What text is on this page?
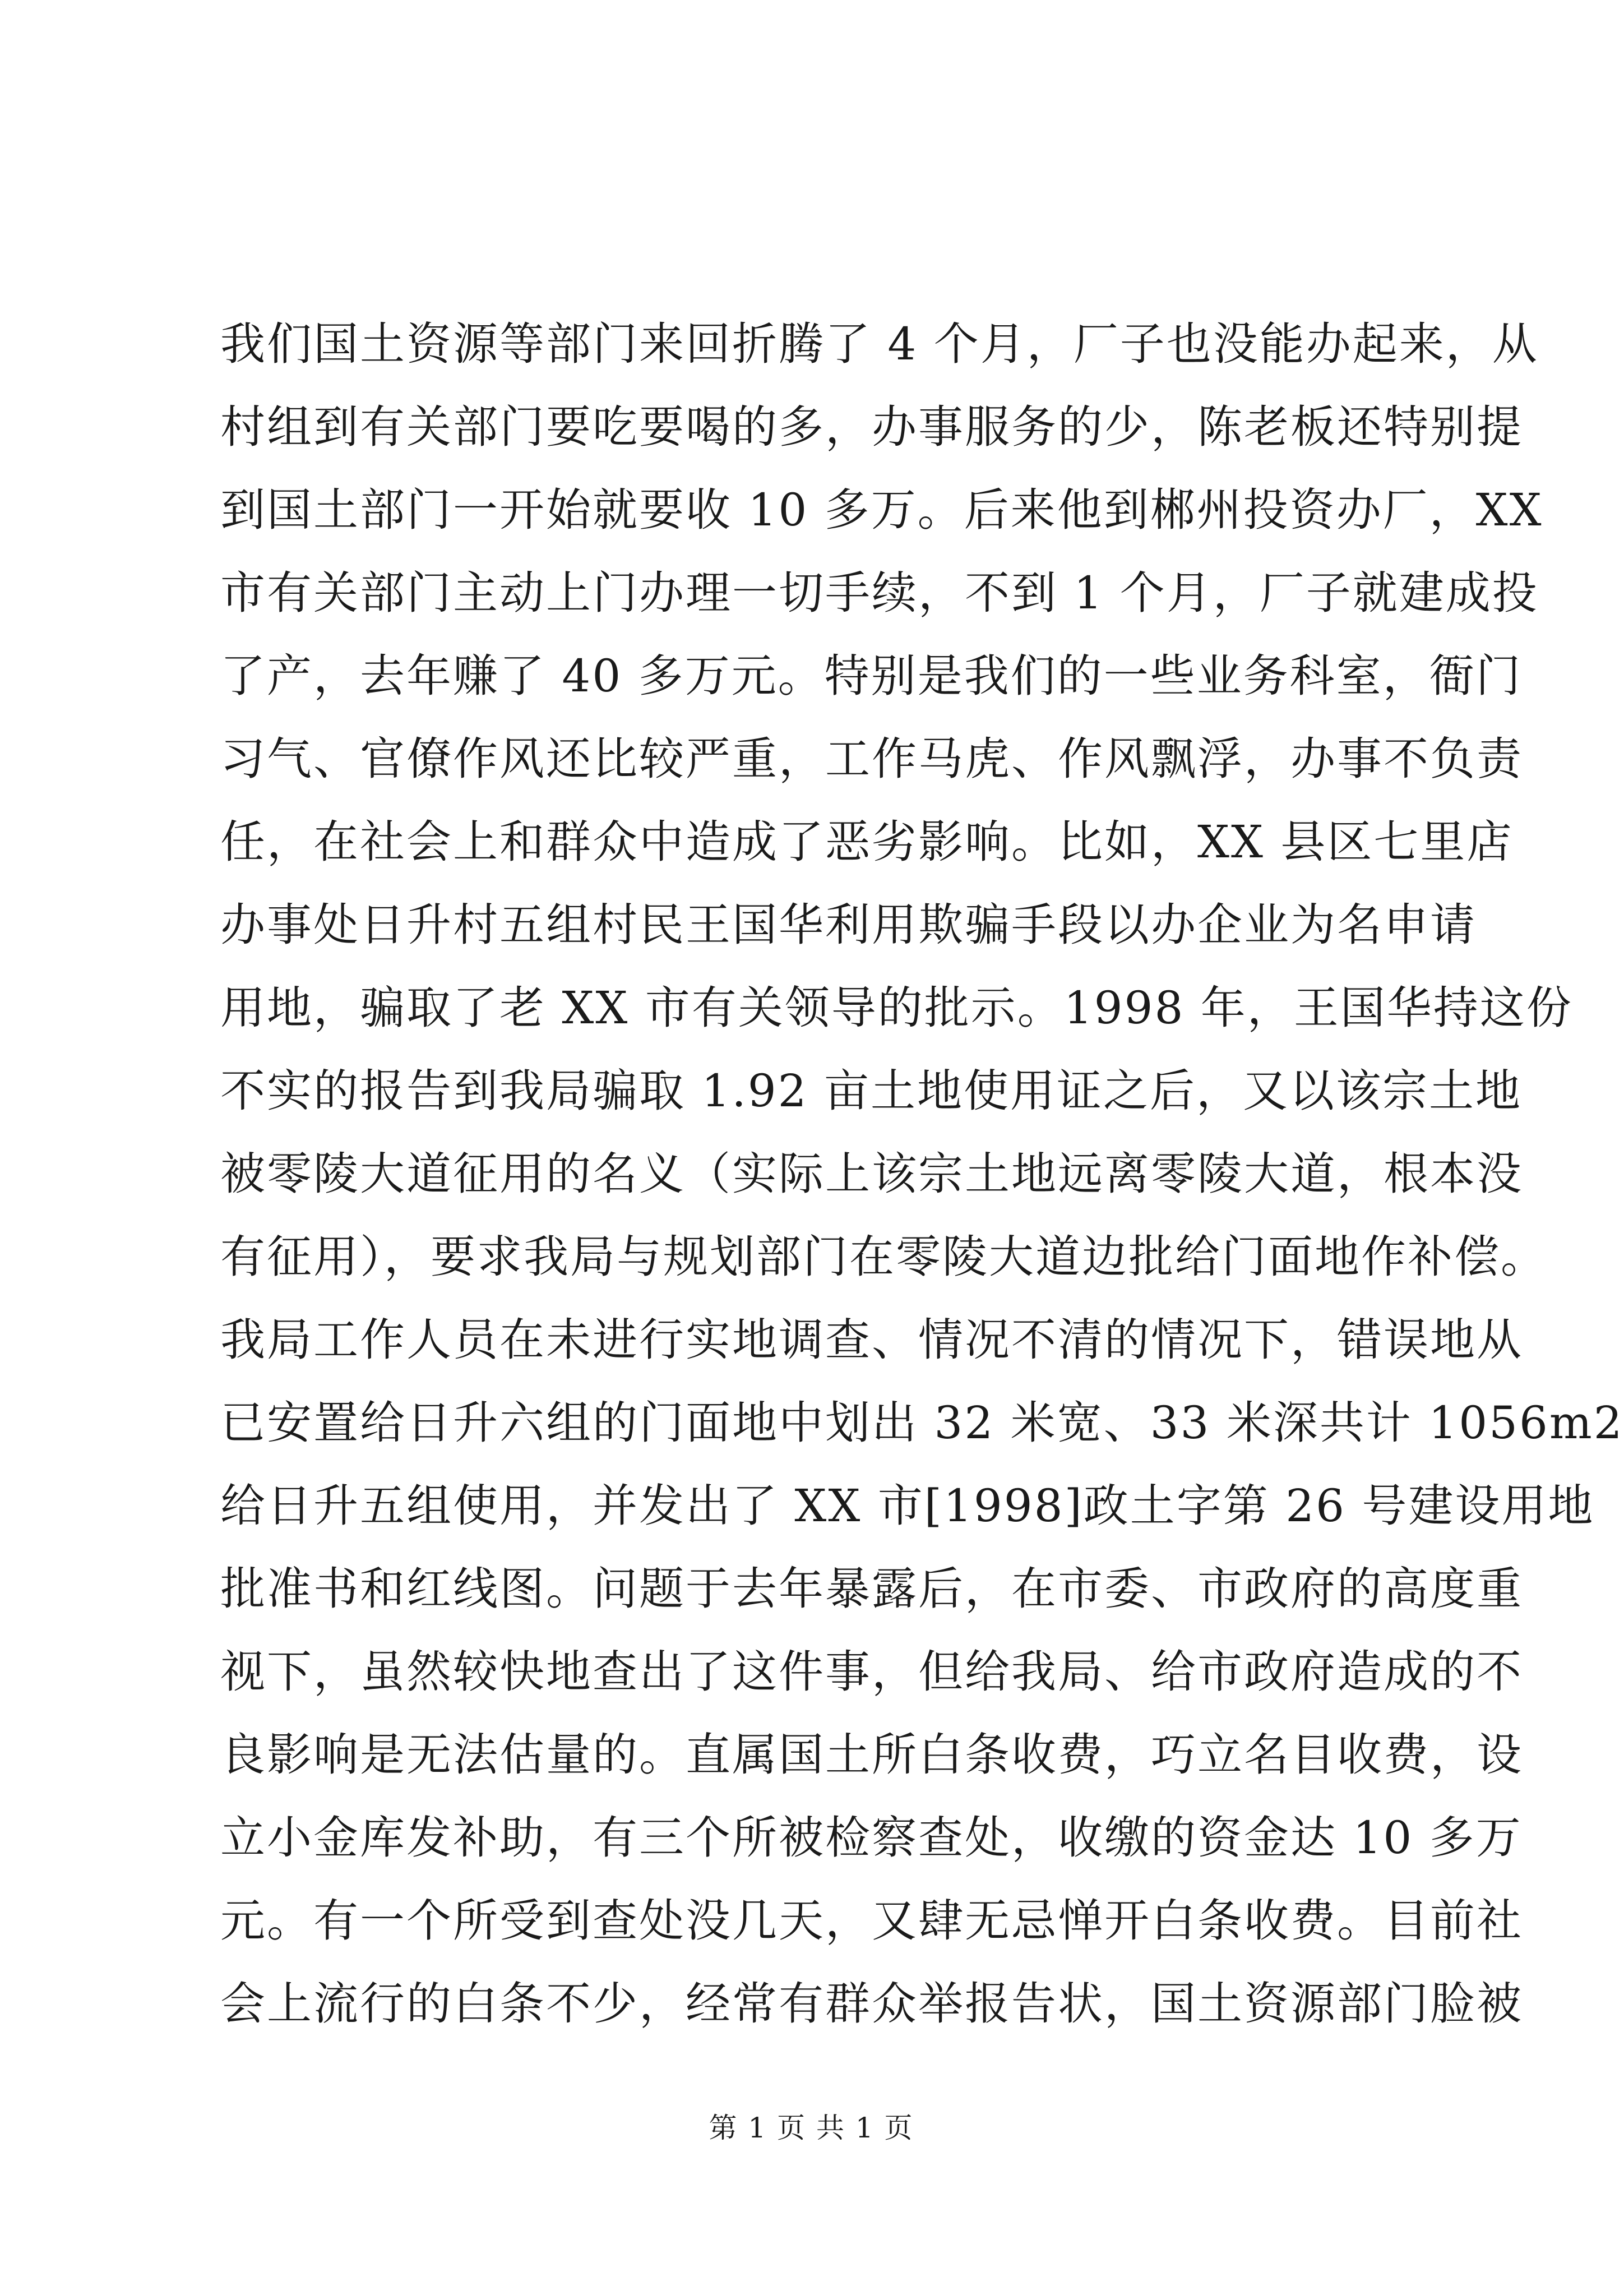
我们国土资源等部门来回折腾了 4 个月，厂子也没能办起来，从
村组到有关部门要吃要喝的多，办事服务的少，陈老板还特别提
到国土部门一开始就要收 10 多万。后来他到郴州投资办厂，XX
市有关部门主动上门办理一切手续，不到 1 个月，厂子就建成投
了产，去年赚了 40 多万元。特别是我们的一些业务科室，衙门
习气、官僚作风还比较严重，工作马虎、作风飘浮，办事不负责
任，在社会上和群众中造成了恶劣影响。比如，XX 县区七里店
办事处日升村五组村民王国华利用欺骗手段以办企业为名申请
用地，骗取了老 XX 市有关领导的批示。1998 年，王国华持这份
不实的报告到我局骗取 1.92 亩土地使用证之后，又以该宗土地
被零陵大道征用的名义（实际上该宗土地远离零陵大道，根本没
有征用），要求我局与规划部门在零陵大道边批给门面地作补偿。
我局工作人员在未进行实地调查、情况不清的情况下，错误地从
已安置给日升六组的门面地中划出 32 米宽、33 米深共计 1056m2
给日升五组使用，并发出了 XX 市[1998]政土字第 26 号建设用地
批准书和红线图。问题于去年暴露后，在市委、市政府的高度重
视下，虽然较快地查出了这件事，但给我局、给市政府造成的不
良影响是无法估量的。直属国土所白条收费，巧立名目收费，设
立小金库发补助，有三个所被检察查处，收缴的资金达 10 多万
元。有一个所受到查处没几天，又肆无忌惮开白条收费。目前社
会上流行的白条不少，经常有群众举报告状，国土资源部门脸被
第 1 页 共 1 页
